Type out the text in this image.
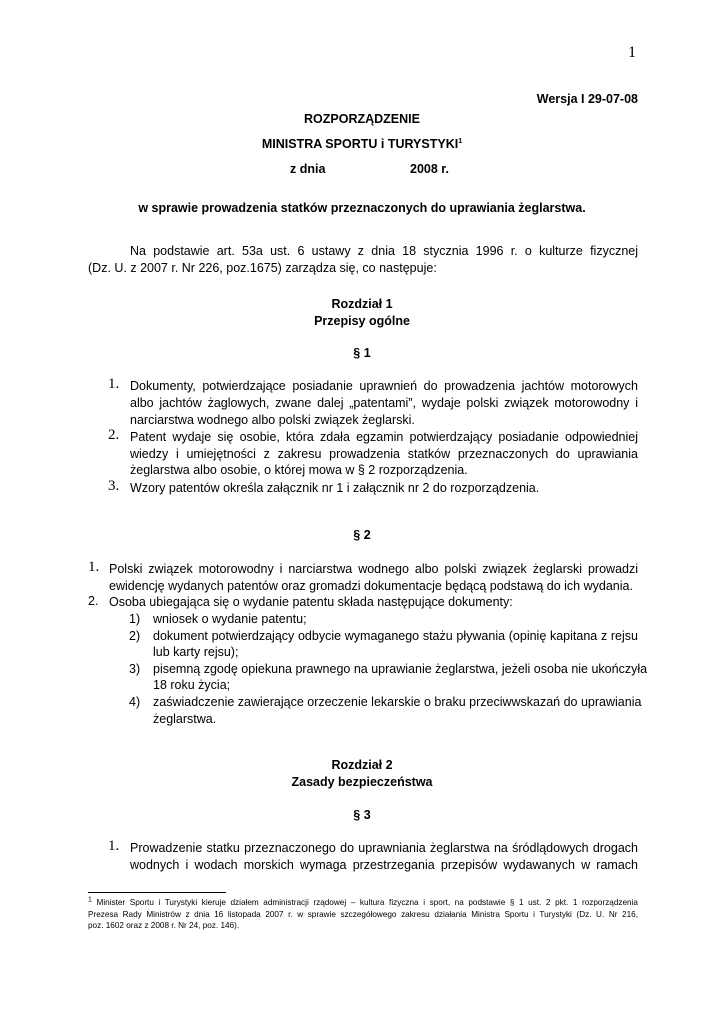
1
Wersja I 29-07-08
ROZPORZĄDZENIE
MINISTRA SPORTU i TURYSTYKI$^1$
z dnia	2008 r.
w sprawie prowadzenia statków przeznaczonych do uprawiania żeglarstwa.
Na podstawie art. 53a ust. 6 ustawy z dnia 18 stycznia 1996 r. o kulturze fizycznej
(Dz. U. z 2007 r. Nr 226, poz.1675) zarządza się, co następuje:
Rozdział 1
Przepisy ogólne
§ 1
1. Dokumenty, potwierdzające posiadanie uprawnień do prowadzenia jachtów motorowych
albo jachtów żaglowych, zwane dalej „patentami”, wydaje polski związek motorowodny i
narciarstwa wodnego albo polski związek żeglarski.
2. Patent wydaje się osobie, która zdała egzamin potwierdzający posiadanie odpowiedniej
wiedzy i umiejętności z zakresu prowadzenia statków przeznaczonych do uprawiania
żeglarstwa albo osobie, o której mowa w § 2 rozporządzenia.
3. Wzory patentów określa załącznik nr 1 i załącznik nr 2 do rozporządzenia.
§ 2
1. Polski związek motorowodny i narciarstwa wodnego albo polski związek żeglarski prowadzi
ewidencję wydanych patentów oraz gromadzi dokumentacje będącą podstawą do ich wydania.
2. Osoba ubiegająca się o wydanie patentu składa następujące dokumenty:
1) wniosek o wydanie patentu;
2) dokument potwierdzający odbycie wymaganego stażu pływania (opinię kapitana z rejsu
lub karty rejsu);
3) pisemną zgodę opiekuna prawnego na uprawianie żeglarstwa, jeżeli osoba nie ukończyła
18 roku życia;
4) zaświadczenie zawierające orzeczenie lekarskie o braku przeciwwskazań do uprawiania
żeglarstwa.
Rozdział 2
Zasady bezpieczeństwa
§ 3
1. Prowadzenie statku przeznaczonego do uprawniania żeglarstwa na śródlądowych drogach
wodnych i wodach morskich wymaga przestrzegania przepisów wydawanych w ramach
$^1$ Minister Sportu i Turystyki kieruje działem administracji rządowej – kultura fizyczna i sport, na podstawie § 1 ust. 2 pkt. 1 rozporządzenia
Prezesa Rady Ministrów z dnia 16 listopada 2007 r. w sprawie szczegółowego zakresu działania Ministra Sportu i Turystyki (Dz. U. Nr 216,
poz. 1602 oraz z 2008 r. Nr 24, poz. 146).
